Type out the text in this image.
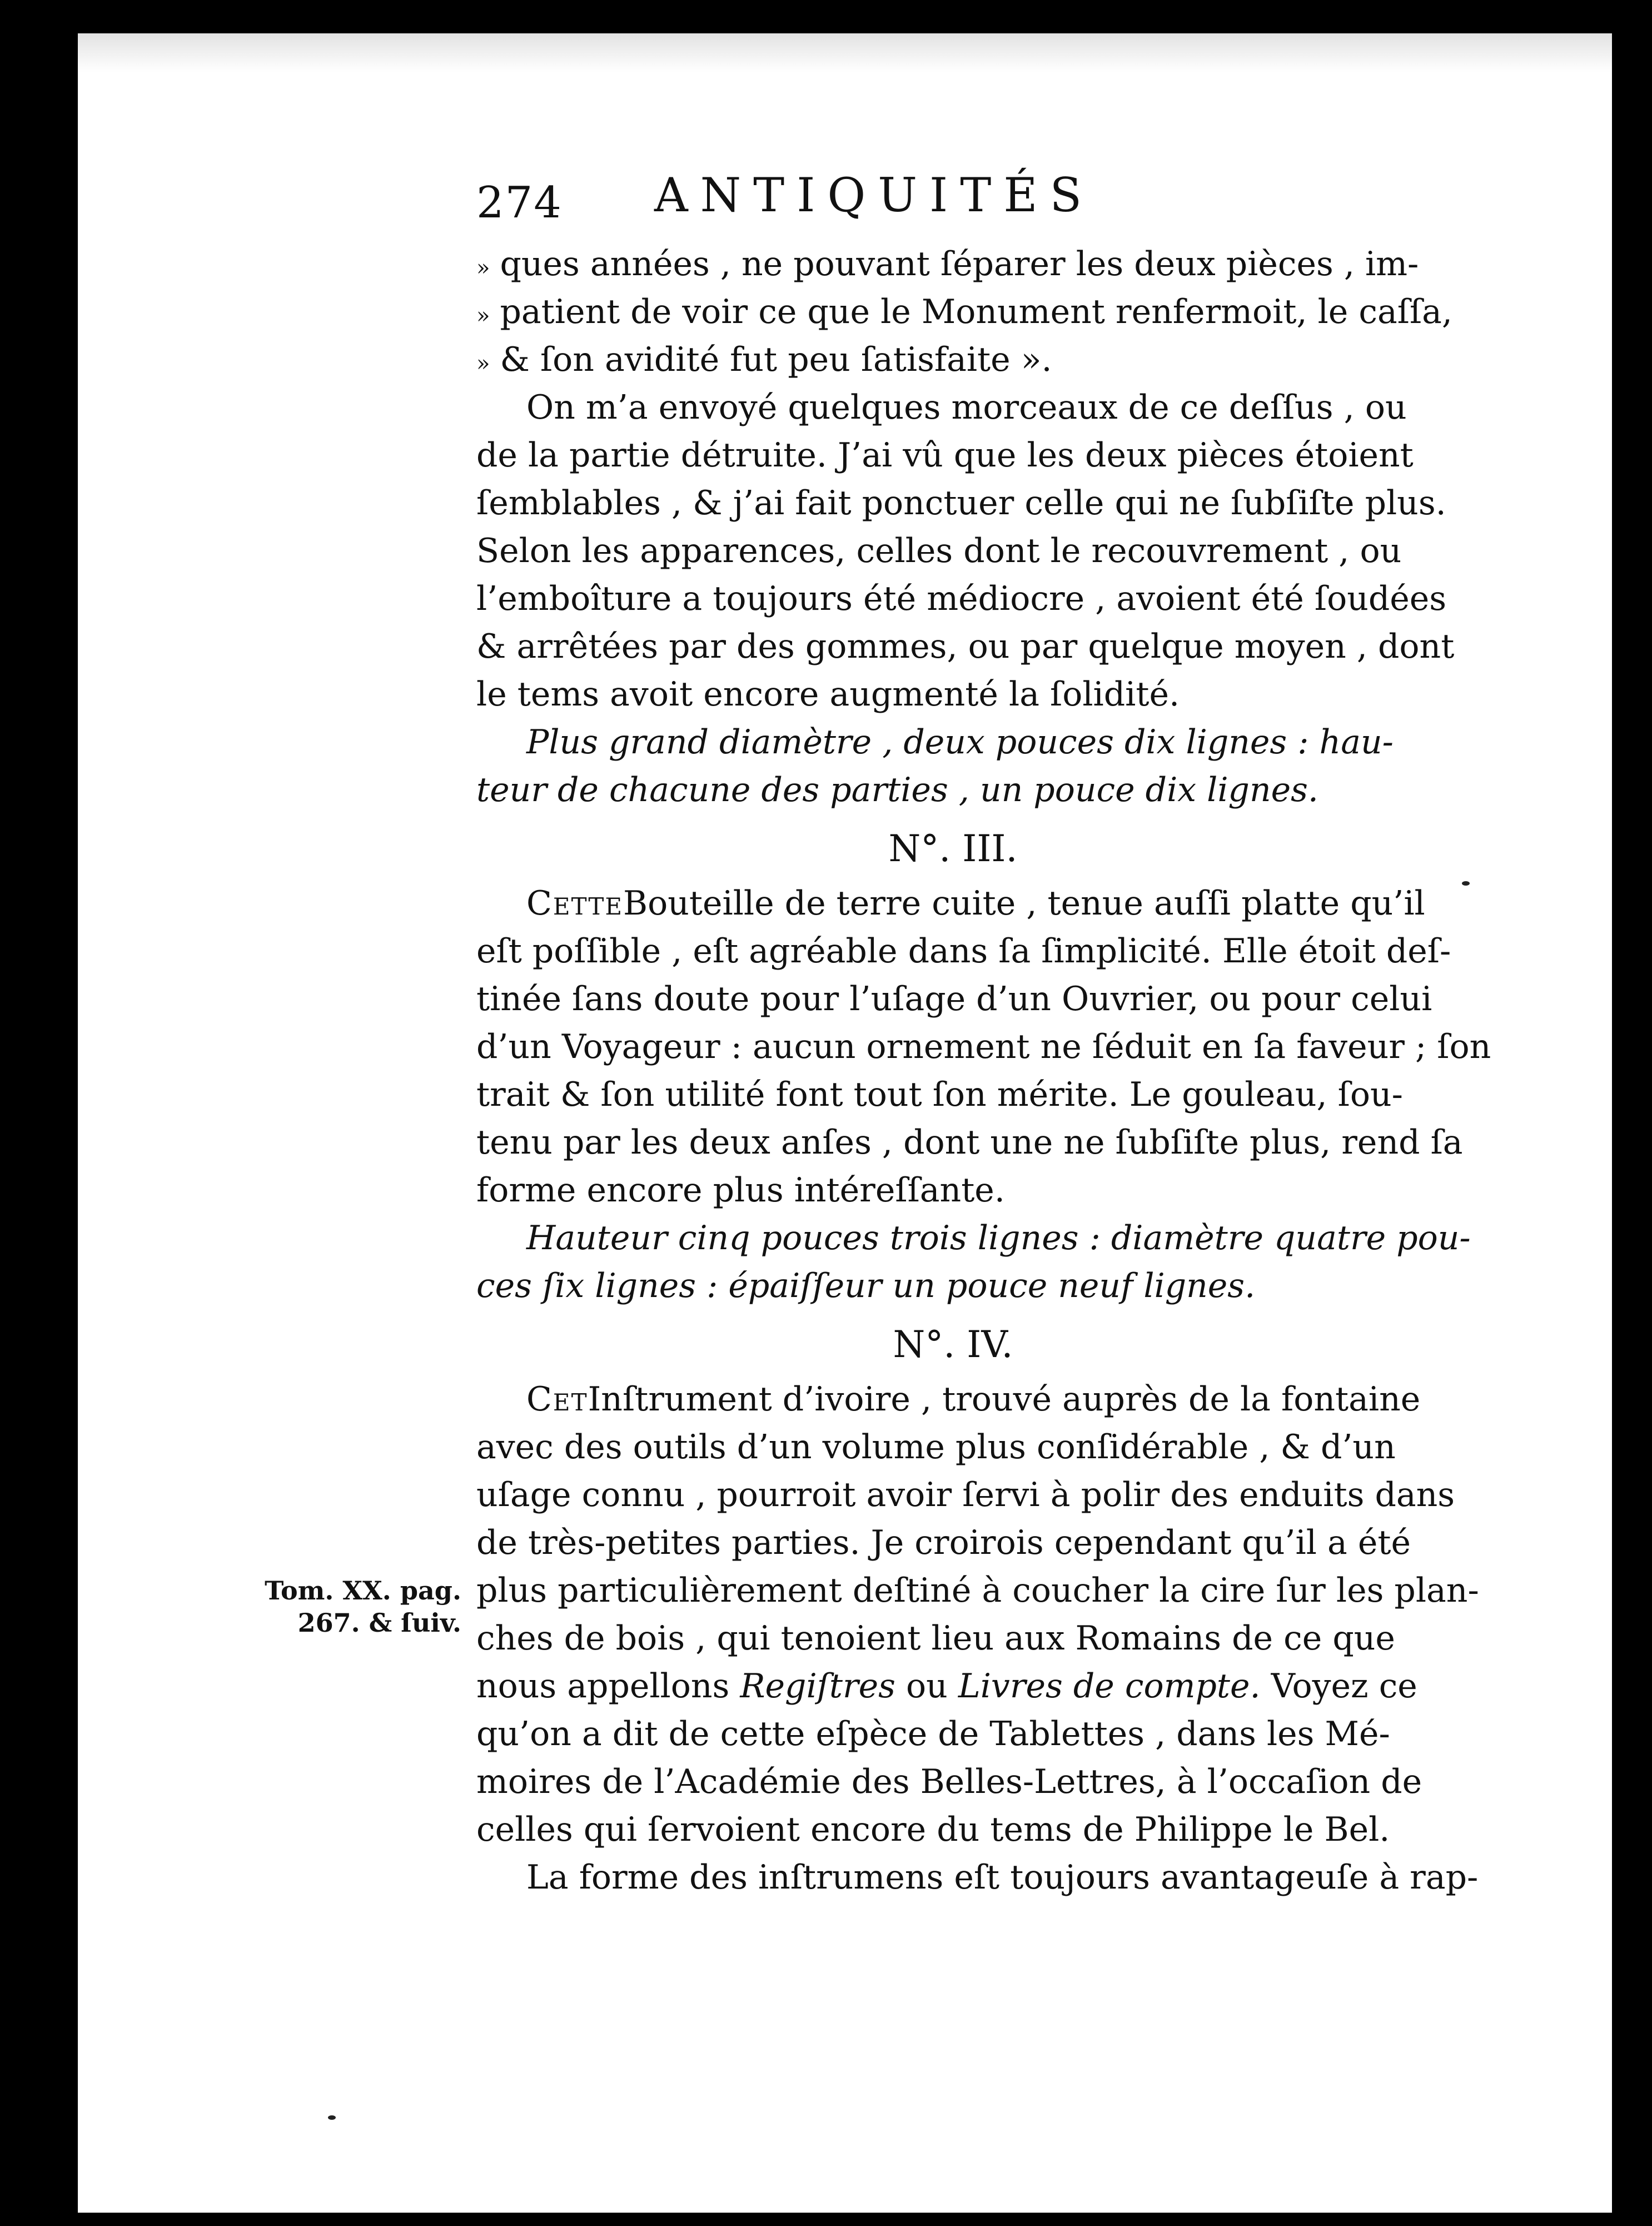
274 ANTIQUITÉS
» ques années , ne pouvant ſéparer les deux pièces , im-
» patient de voir ce que le Monument renfermoit, le caſſa,
» & ſon avidité fut peu ſatisfaite ».
On m’a envoyé quelques morceaux de ce deſſus , ou
de la partie détruite. J’ai vû que les deux pièces étoient
ſemblables , & j’ai fait ponctuer celle qui ne ſubſiſte plus.
Selon les apparences, celles dont le recouvrement , ou
l’emboîture a toujours été médiocre , avoient été ſoudées
& arrêtées par des gommes, ou par quelque moyen , dont
le tems avoit encore augmenté la ſolidité.
Plus grand diamètre , deux pouces dix lignes : hau-
teur de chacune des parties , un pouce dix lignes.
N°. III.
CetteBouteille de terre cuite , tenue auſſi platte qu’il
eſt poſſible , eſt agréable dans ſa ſimplicité. Elle étoit deſ-
tinée ſans doute pour l’uſage d’un Ouvrier, ou pour celui
d’un Voyageur : aucun ornement ne ſéduit en ſa faveur ; ſon
trait & ſon utilité font tout ſon mérite. Le gouleau, ſou-
tenu par les deux anſes , dont une ne ſubſiſte plus, rend ſa
forme encore plus intéreſſante.
Hauteur cinq pouces trois lignes : diamètre quatre pou-
ces ſix lignes : épaiſſeur un pouce neuf lignes.
N°. IV.
CetInſtrument d’ivoire , trouvé auprès de la fontaine
avec des outils d’un volume plus conſidérable , & d’un
uſage connu , pourroit avoir ſervi à polir des enduits dans
de très-petites parties. Je croirois cependant qu’il a été
plus particulièrement deſtiné à coucher la cire ſur les plan-
ches de bois , qui tenoient lieu aux Romains de ce que
nous appellons Regiſtres ou Livres de compte. Voyez ce
qu’on a dit de cette eſpèce de Tablettes , dans les Mé-
moires de l’Académie des Belles-Lettres, à l’occaſion de
celles qui ſervoient encore du tems de Philippe le Bel.
La forme des inſtrumens eſt toujours avantageuſe à rap-
Tom. XX. pag.
267. & ſuiv.
